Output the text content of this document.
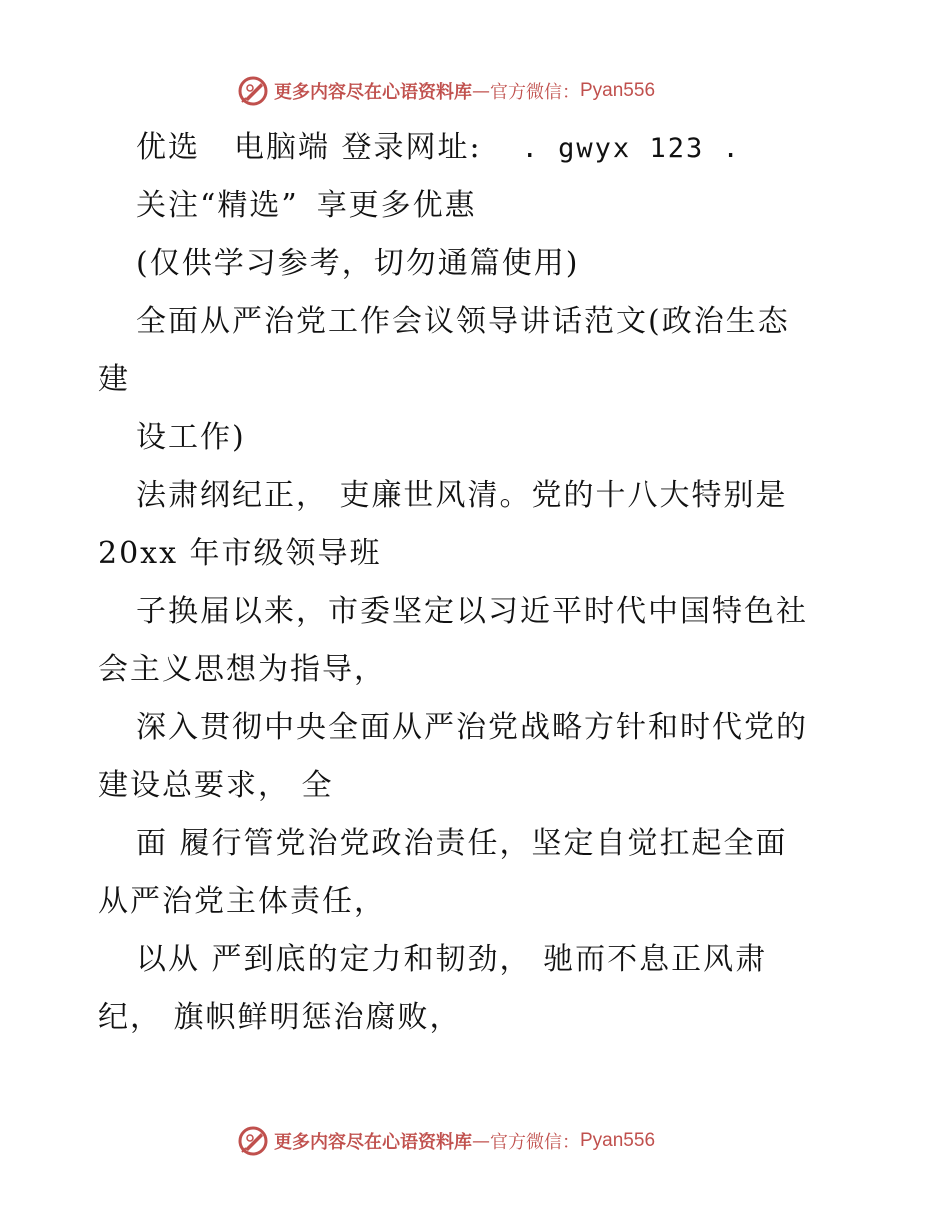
更多内容尽在心语资料库 — 官方微信： Pyan556
优选 电脑端 登录网址: . gwyx 123 .
关注“精选” 享更多优惠
(仅供学习参考，切勿通篇使用)
全面从严治党工作会议领导讲话范文(政治生态
建
设工作)
法肃纲纪正， 吏廉世风清。党的十八大特别是
20xx 年市级领导班
子换届以来，市委坚定以习近平时代中国特色社
会主义思想为指导，
深入贯彻中央全面从严治党战略方针和时代党的
建设总要求， 全
面 履行管党治党政治责任，坚定自觉扛起全面
从严治党主体责任，
以从 严到底的定力和韧劲， 驰而不息正风肃
纪， 旗帜鲜明惩治腐败，
更多内容尽在心语资料库 — 官方微信： Pyan556
